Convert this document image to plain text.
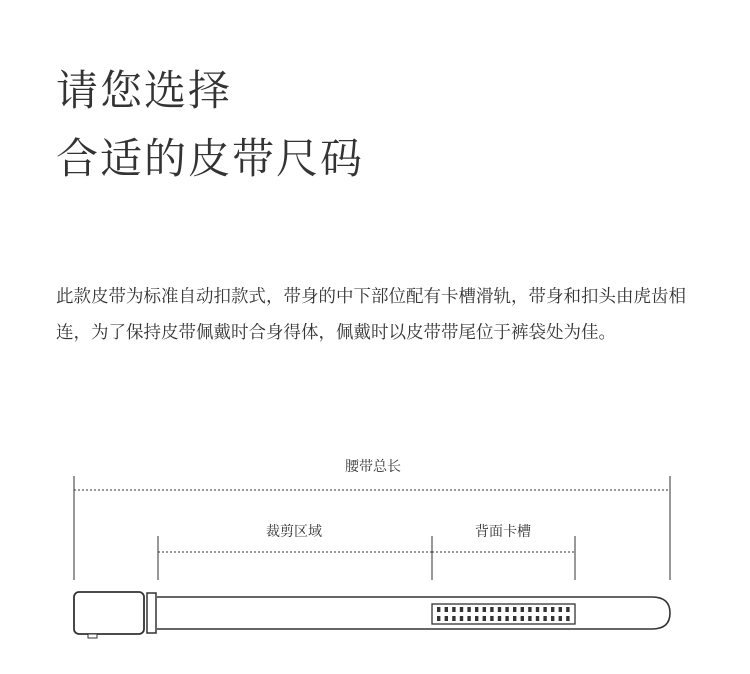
请您选择
合适的皮带尺码
此款皮带为标准自动扣款式，带身的中下部位配有卡槽滑轨，带身和扣头由虎齿相连，为了保持皮带佩戴时合身得体，佩戴时以皮带带尾位于裤袋处为佳。
腰带总长
裁剪区域	背面卡槽
